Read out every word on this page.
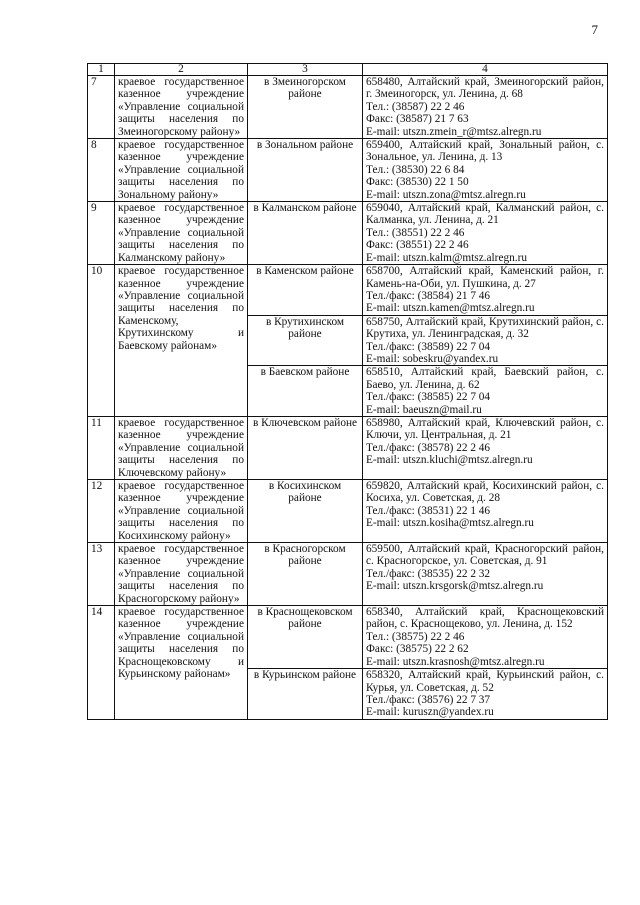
7
1	2	3	4
7	краевое государственное казенное учреждение «Управление социальной защиты населения по Змеиногорскому району»	в Змеиногорском районе	658480, Алтайский край, Змеиногорский район, г. Змеиногорск, ул. Ленина, д. 68
Тел.: (38587) 22 2 46
Факс: (38587) 21 7 63
E-mail: utszn.zmein_r@mtsz.alregn.ru

8	краевое государственное казенное учреждение «Управление социальной защиты населения по Зональному району»	в Зональном районе	659400, Алтайский край, Зональный район, с. Зональное, ул. Ленина, д. 13
Тел.: (38530) 22 6 84
Факс: (38530) 22 1 50
E-mail: utszn.zona@mtsz.alregn.ru

9	краевое государственное казенное учреждение «Управление социальной защиты населения по Калманскому району»	в Калманском районе	659040, Алтайский край, Калманский район, с. Калманка, ул. Ленина, д. 21
Тел.: (38551) 22 2 46
Факс: (38551) 22 2 46
E-mail: utszn.kalm@mtsz.alregn.ru

10	краевое государственное казенное учреждение «Управление социальной защиты населения по Каменскому, Крутихинскому и Баевскому районам»	в Каменском районе	658700, Алтайский край, Каменский район, г. Камень-на-Оби, ул. Пушкина, д. 27
Тел./факс: (38584) 21 7 46
E-mail: utszn.kamen@mtsz.alregn.ru

		в Крутихинском районе	658750, Алтайский край, Крутихинский район, с. Крутиха, ул. Ленинградская, д. 32
Тел./факс: (38589) 22 7 04
E-mail: sobeskru@yandex.ru

		в Баевском районе	658510, Алтайский край, Баевский район, с. Баево, ул. Ленина, д. 62
Тел./факс: (38585) 22 7 04
E-mail: baeuszn@mail.ru

11	краевое государственное казенное учреждение «Управление социальной защиты населения по Ключевскому району»	в Ключевском районе	658980, Алтайский край, Ключевский район, с. Ключи, ул. Центральная, д. 21
Тел./факс: (38578) 22 2 46
E-mail: utszn.kluchi@mtsz.alregn.ru

12	краевое государственное казенное учреждение «Управление социальной защиты населения по Косихинскому району»	в Косихинском районе	659820, Алтайский край, Косихинский район, с. Косиха, ул. Советская, д. 28
Тел./факс: (38531) 22 1 46
E-mail: utszn.kosiha@mtsz.alregn.ru

13	краевое государственное казенное учреждение «Управление социальной защиты населения по Красногорскому району»	в Красногорском районе	659500, Алтайский край, Красногорский район, с. Красногорское, ул. Советская, д. 91
Тел./факс: (38535) 22 2 32
E-mail: utszn.krsgorsk@mtsz.alregn.ru

14	краевое государственное казенное учреждение «Управление социальной защиты населения по Краснощековскому и Курьинскому районам»	в Краснощековском районе	658340, Алтайский край, Краснощековский район, с. Краснощеково, ул. Ленина, д. 152
Тел.: (38575) 22 2 46
Факс: (38575) 22 2 62
E-mail: utszn.krasnosh@mtsz.alregn.ru

		в Курьинском районе	658320, Алтайский край, Курьинский район, с. Курья, ул. Советская, д. 52
Тел./факс: (38576) 22 7 37
E-mail: kuruszn@yandex.ru
